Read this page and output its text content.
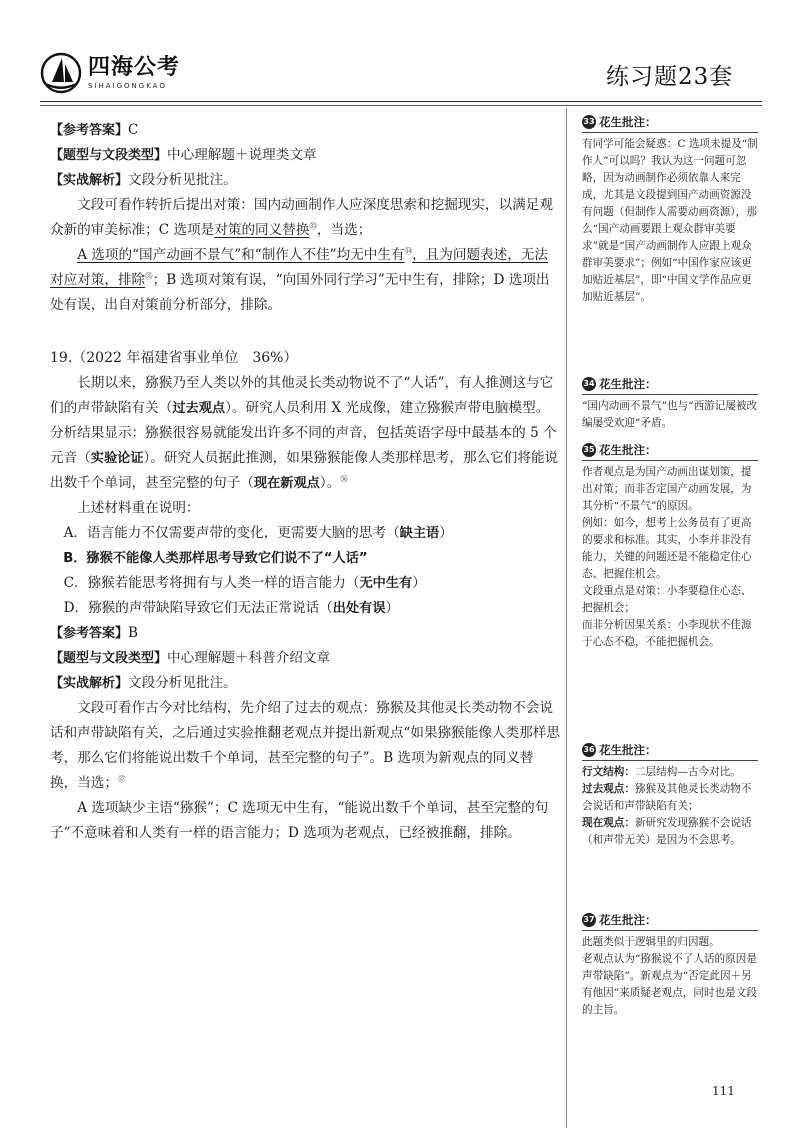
四海公考
SIHAIGONGKAO	练习题23套

【参考答案】C

【题型与文段类型】中心理解题＋说理类文章

【实战解析】文段分析见批注。

文段可看作转折后提出对策：国内动画制作人应深度思索和挖掘现实，以满足观众新的审美标准；C 选项是对策的同义替换$^㉝$，当选；

A 选项的“国产动画不景气”和“制作人不佳”均无中生有$^㉞$，且为问题表述，无法对应对策，排除$^㉟$；B 选项对策有误，“向国外同行学习”无中生有，排除；D 选项出处有误，出自对策前分析部分，排除。

19.（2022 年福建省事业单位　36%）

长期以来，猕猴乃至人类以外的其他灵长类动物说不了“人话”，有人推测这与它们的声带缺陷有关（过去观点）。研究人员利用 X 光成像，建立猕猴声带电脑模型。分析结果显示：猕猴很容易就能发出许多不同的声音，包括英语字母中最基本的 5 个元音（实验论证）。研究人员据此推测，如果猕猴能像人类那样思考，那么它们将能说出数千个单词，甚至完整的句子（现在新观点）。$^㊱$

上述材料重在说明：

A．语言能力不仅需要声带的变化，更需要大脑的思考（缺主语）

B．猕猴不能像人类那样思考导致它们说不了“人话”

C．猕猴若能思考将拥有与人类一样的语言能力（无中生有）

D．猕猴的声带缺陷导致它们无法正常说话（出处有误）

【参考答案】B

【题型与文段类型】中心理解题＋科普介绍文章

【实战解析】文段分析见批注。

文段可看作古今对比结构，先介绍了过去的观点：猕猴及其他灵长类动物不会说话和声带缺陷有关，之后通过实验推翻老观点并提出新观点“如果猕猴能像人类那样思考，那么它们将能说出数千个单词，甚至完整的句子”。B 选项为新观点的同义替换，当选；$^㊲$

A 选项缺少主语“猕猴”；C 选项无中生有，“能说出数千个单词，甚至完整的句子”不意味着和人类有一样的语言能力；D 选项为老观点，已经被推翻，排除。

33 花生批注：

有同学可能会疑惑：C 选项未提及“制作人”可以吗？我认为这一问题可忽略，因为动画制作必须依靠人来完成，尤其是文段提到国产动画资源没有问题（但制作人需要动画资源），那么“国产动画要跟上观众群审美要求”就是“国产动画制作人应跟上观众群审美要求”；例如“中国作家应该更加贴近基层”，即“中国文学作品应更加贴近基层”。

34 花生批注：

“国内动画不景气”也与“西游记屡被改编屡受欢迎”矛盾。

35 花生批注：

作者观点是为国产动画出谋划策，提出对策；而非否定国产动画发展，为其分析“不景气”的原因。

例如：如今，想考上公务员有了更高的要求和标准。其实，小李并非没有能力，关键的问题还是不能稳定住心态、把握住机会。

文段重点是对策：小李要稳住心态、把握机会；

而非分析因果关系：小李现状不佳源于心态不稳，不能把握机会。

36 花生批注：

行文结构：二层结构—古今对比。

过去观点：猕猴及其他灵长类动物不会说话和声带缺陷有关；

现在观点：新研究发现猕猴不会说话（和声带无关）是因为不会思考。

37 花生批注：

此题类似于逻辑里的归因题。

老观点认为“猕猴说不了人话的原因是声带缺陷”。新观点为“否定此因＋另有他因”来质疑老观点，同时也是文段的主旨。

111
